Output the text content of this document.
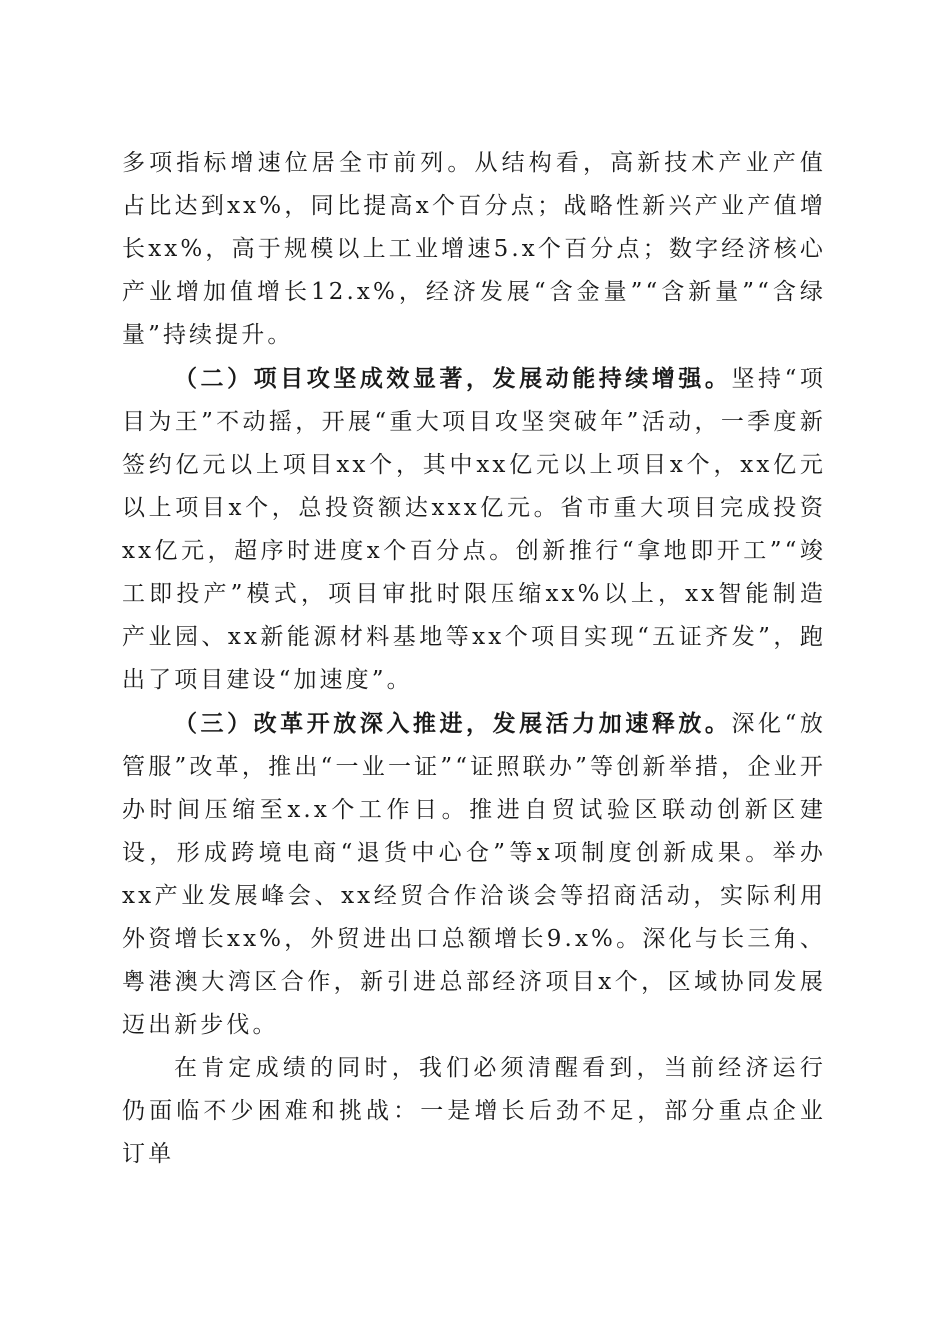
多项指标增速位居全市前列。从结构看，高新技术产业产值占比达到xx%，同比提高x个百分点；战略性新兴产业产值增长xx%，高于规模以上工业增速5.x个百分点；数字经济核心产业增加值增长12.x%，经济发展“含金量”“含新量”“含绿量”持续提升。

（二）项目攻坚成效显著，发展动能持续增强。坚持“项目为王”不动摇，开展“重大项目攻坚突破年”活动，一季度新签约亿元以上项目xx个，其中xx亿元以上项目x个，xx亿元以上项目x个，总投资额达xxx亿元。省市重大项目完成投资xx亿元，超序时进度x个百分点。创新推行“拿地即开工”“竣工即投产”模式，项目审批时限压缩xx%以上，xx智能制造产业园、xx新能源材料基地等xx个项目实现“五证齐发”，跑出了项目建设“加速度”。

（三）改革开放深入推进，发展活力加速释放。深化“放管服”改革，推出“一业一证”“证照联办”等创新举措，企业开办时间压缩至x.x个工作日。推进自贸试验区联动创新区建设，形成跨境电商“退货中心仓”等x项制度创新成果。举办xx产业发展峰会、xx经贸合作洽谈会等招商活动，实际利用外资增长xx%，外贸进出口总额增长9.x%。深化与长三角、粤港澳大湾区合作，新引进总部经济项目x个，区域协同发展迈出新步伐。

在肯定成绩的同时，我们必须清醒看到，当前经济运行仍面临不少困难和挑战：一是增长后劲不足，部分重点企业订单
